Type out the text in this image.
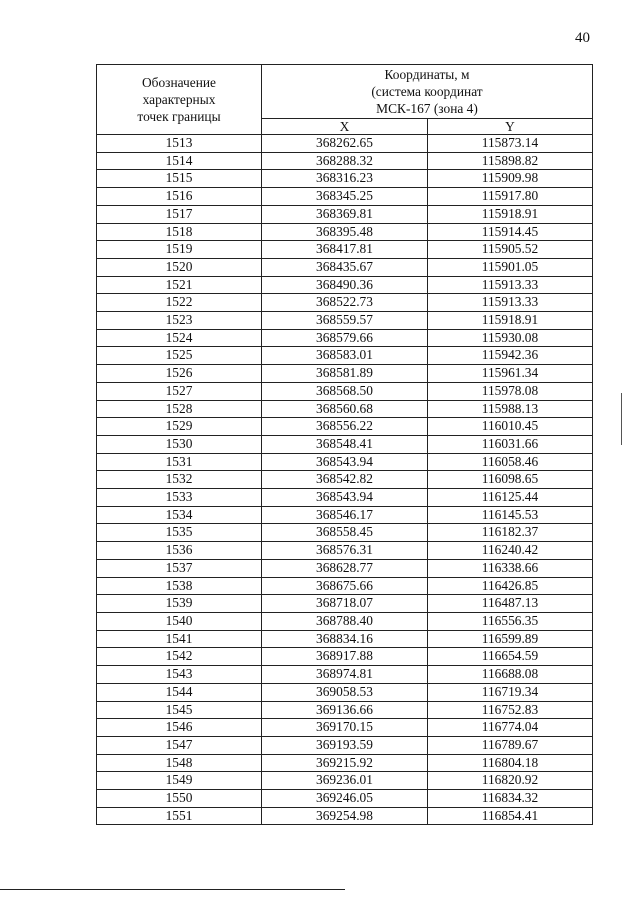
40
Обозначение
характерных
точек границы	Координаты, м
(система координат
МСК-167 (зона 4)	

	X	Y
1513	368262.65	115873.14
1514	368288.32	115898.82
1515	368316.23	115909.98
1516	368345.25	115917.80
1517	368369.81	115918.91
1518	368395.48	115914.45
1519	368417.81	115905.52
1520	368435.67	115901.05
1521	368490.36	115913.33
1522	368522.73	115913.33
1523	368559.57	115918.91
1524	368579.66	115930.08
1525	368583.01	115942.36
1526	368581.89	115961.34
1527	368568.50	115978.08
1528	368560.68	115988.13
1529	368556.22	116010.45
1530	368548.41	116031.66
1531	368543.94	116058.46
1532	368542.82	116098.65
1533	368543.94	116125.44
1534	368546.17	116145.53
1535	368558.45	116182.37
1536	368576.31	116240.42
1537	368628.77	116338.66
1538	368675.66	116426.85
1539	368718.07	116487.13
1540	368788.40	116556.35
1541	368834.16	116599.89
1542	368917.88	116654.59
1543	368974.81	116688.08
1544	369058.53	116719.34
1545	369136.66	116752.83
1546	369170.15	116774.04
1547	369193.59	116789.67
1548	369215.92	116804.18
1549	369236.01	116820.92
1550	369246.05	116834.32
1551	369254.98	116854.41
